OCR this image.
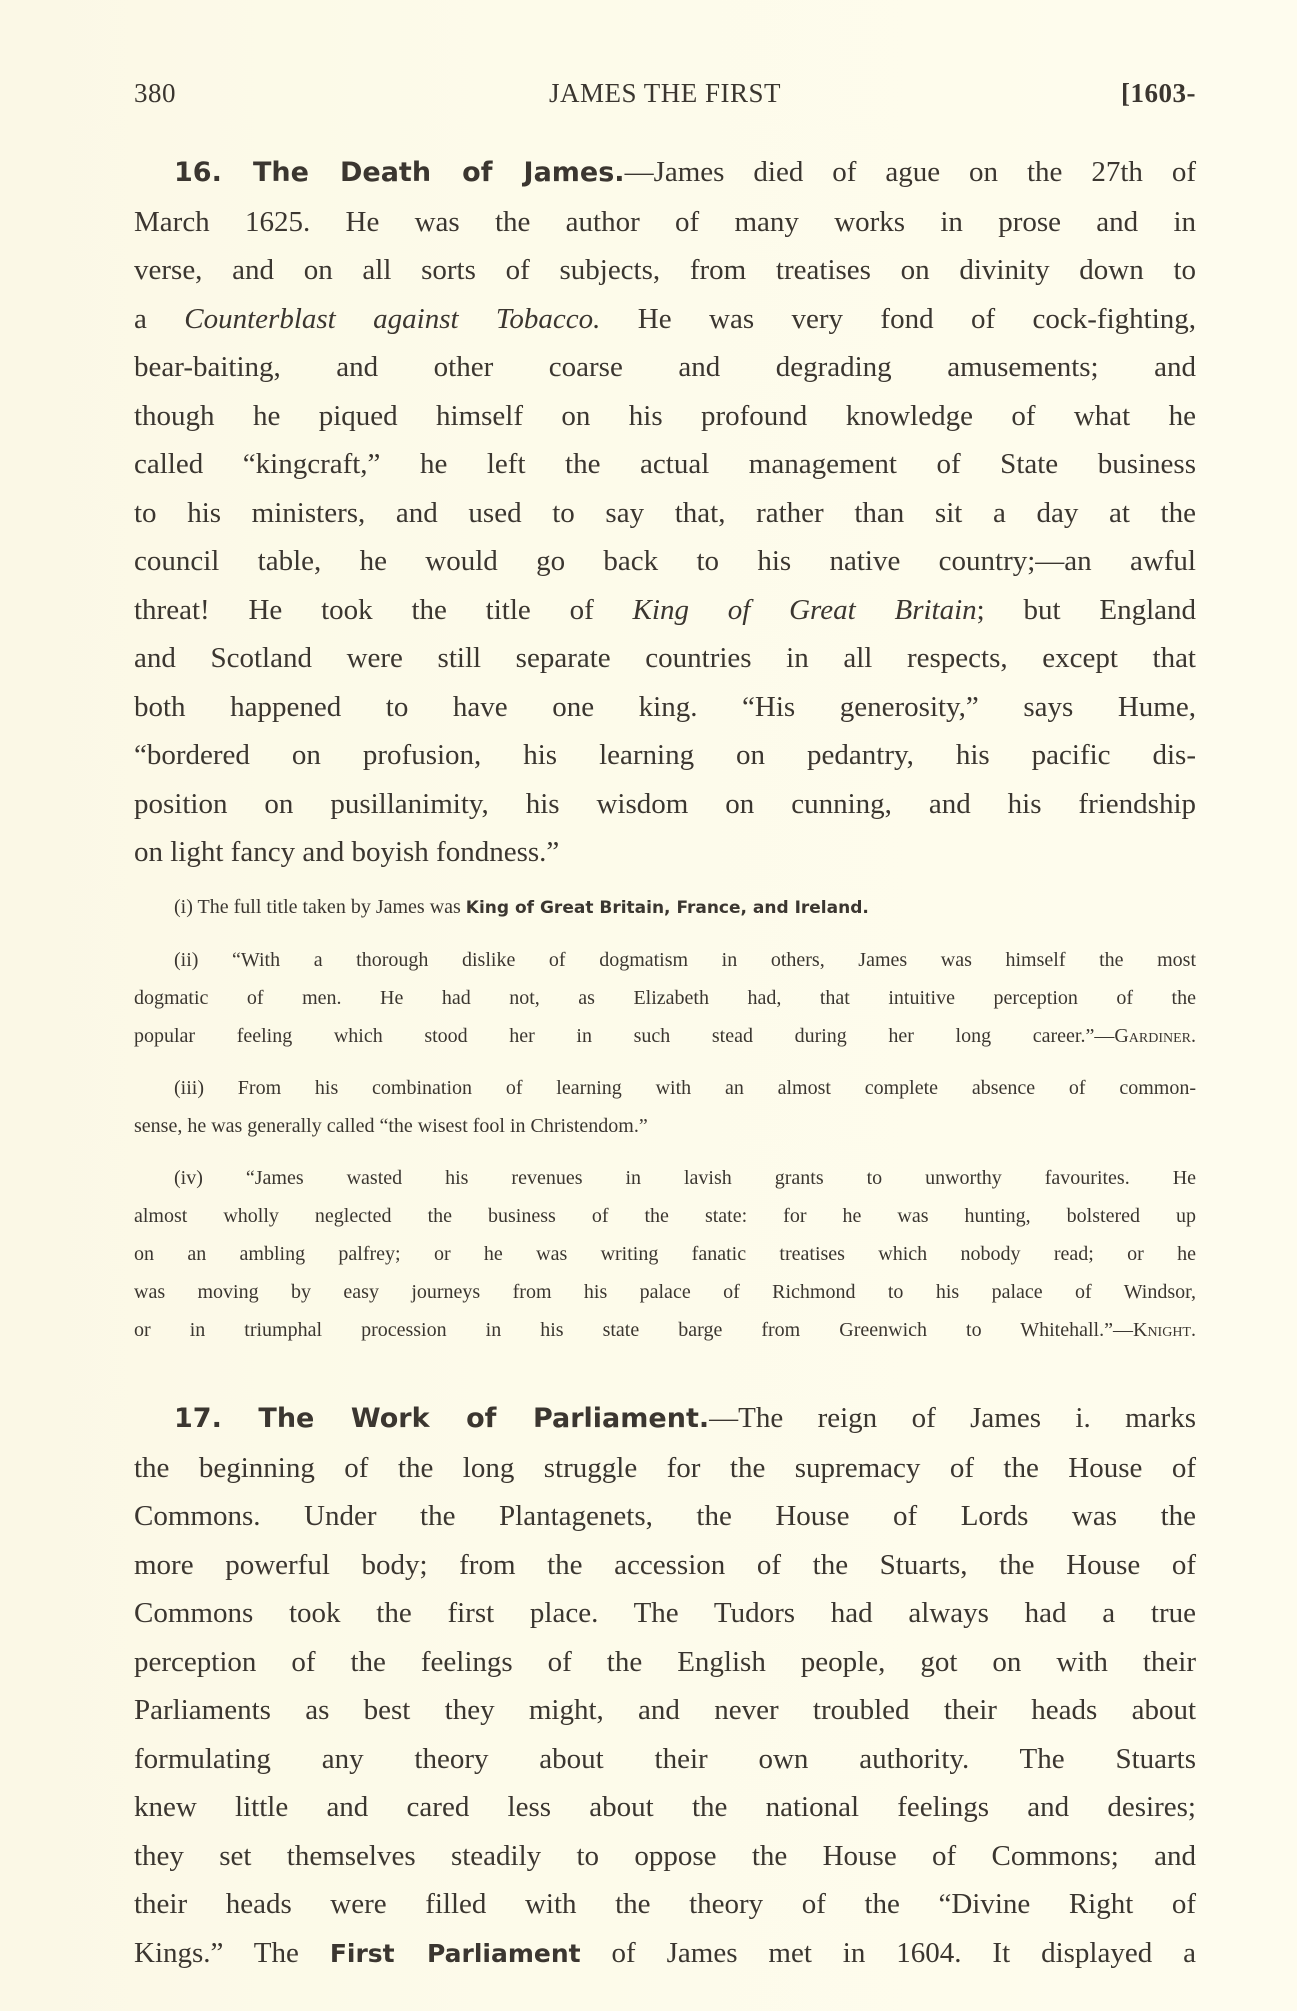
380	JAMES THE FIRST	[1603-
16. The Death of James.—James died of ague on the 27th of
March 1625. He was the author of many works in prose and in
verse, and on all sorts of subjects, from treatises on divinity down to
a Counterblast against Tobacco. He was very fond of cock-fighting,
bear-baiting, and other coarse and degrading amusements; and
though he piqued himself on his profound knowledge of what he
called “kingcraft,” he left the actual management of State business
to his ministers, and used to say that, rather than sit a day at the
council table, he would go back to his native country;—an awful
threat! He took the title of King of Great Britain; but England
and Scotland were still separate countries in all respects, except that
both happened to have one king. “His generosity,” says Hume,
“bordered on profusion, his learning on pedantry, his pacific dis-
position on pusillanimity, his wisdom on cunning, and his friendship
on light fancy and boyish fondness.”
(i) The full title taken by James was King of Great Britain, France, and Ireland.
(ii) “With a thorough dislike of dogmatism in others, James was himself the most
dogmatic of men. He had not, as Elizabeth had, that intuitive perception of the
popular feeling which stood her in such stead during her long career.”—Gardiner.
(iii) From his combination of learning with an almost complete absence of common-
sense, he was generally called “the wisest fool in Christendom.”
(iv) “James wasted his revenues in lavish grants to unworthy favourites. He
almost wholly neglected the business of the state: for he was hunting, bolstered up
on an ambling palfrey; or he was writing fanatic treatises which nobody read; or he
was moving by easy journeys from his palace of Richmond to his palace of Windsor,
or in triumphal procession in his state barge from Greenwich to Whitehall.”—Knight.
17. The Work of Parliament.—The reign of James i. marks
the beginning of the long struggle for the supremacy of the House of
Commons. Under the Plantagenets, the House of Lords was the
more powerful body; from the accession of the Stuarts, the House of
Commons took the first place. The Tudors had always had a true
perception of the feelings of the English people, got on with their
Parliaments as best they might, and never troubled their heads about
formulating any theory about their own authority. The Stuarts
knew little and cared less about the national feelings and desires;
they set themselves steadily to oppose the House of Commons; and
their heads were filled with the theory of the “Divine Right of
Kings.” The First Parliament of James met in 1604. It displayed a
